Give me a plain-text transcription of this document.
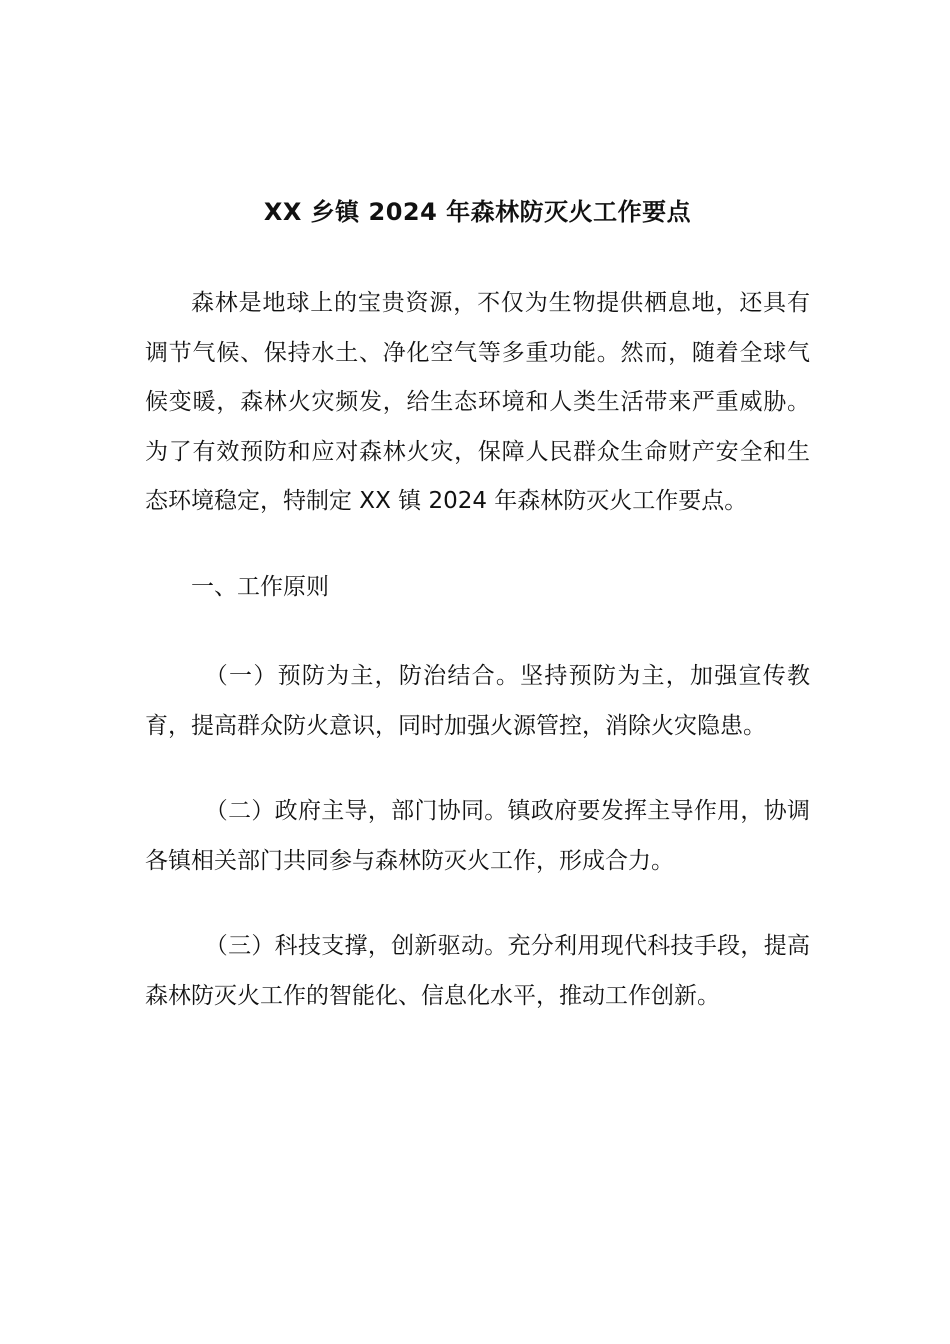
XX 乡镇 2024 年森林防灭火工作要点

森林是地球上的宝贵资源，不仅为生物提供栖息地，还具有调节气候、保持水土、净化空气等多重功能。然而，随着全球气候变暖，森林火灾频发，给生态环境和人类生活带来严重威胁。为了有效预防和应对森林火灾，保障人民群众生命财产安全和生态环境稳定，特制定 XX 镇 2024 年森林防灭火工作要点。

一、工作原则

（一）预防为主，防治结合。坚持预防为主，加强宣传教育，提高群众防火意识，同时加强火源管控，消除火灾隐患。

（二）政府主导，部门协同。镇政府要发挥主导作用，协调各镇相关部门共同参与森林防灭火工作，形成合力。

（三）科技支撑，创新驱动。充分利用现代科技手段，提高森林防灭火工作的智能化、信息化水平，推动工作创新。
